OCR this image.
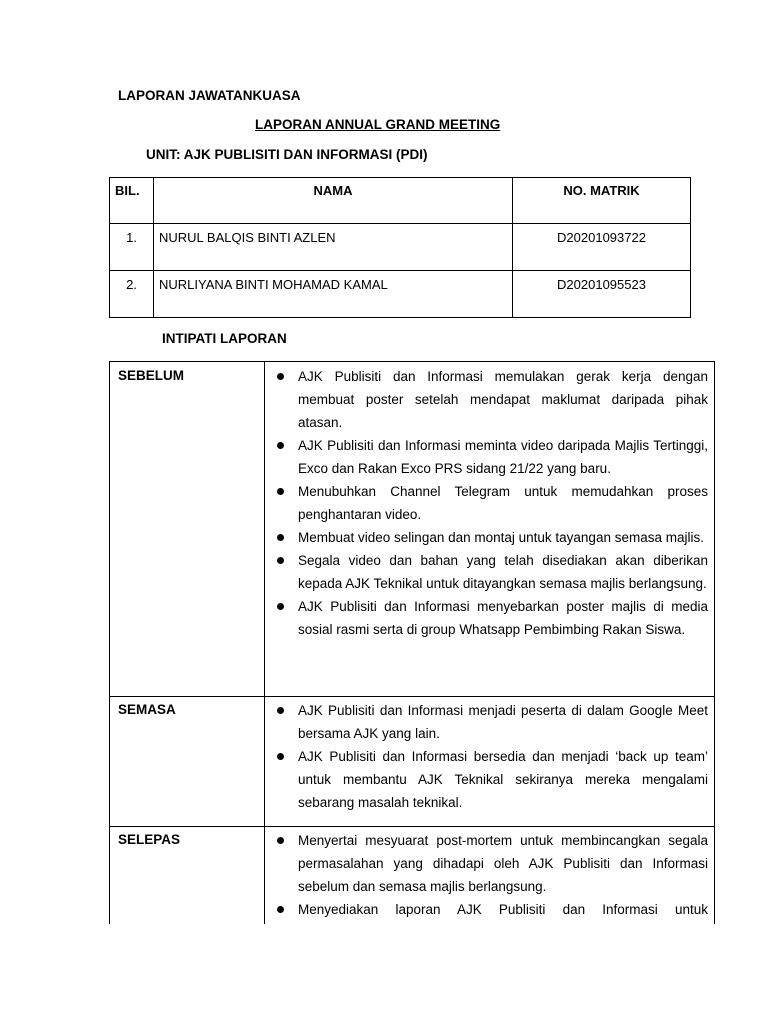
LAPORAN JAWATANKUASA
LAPORAN ANNUAL GRAND MEETING
UNIT: AJK PUBLISITI DAN INFORMASI (PDI)
BIL.	NAMA	NO. MATRIK
1.	NURUL BALQIS BINTI AZLEN	D20201093722
2.	NURLIYANA BINTI MOHAMAD KAMAL	D20201095523
INTIPATI LAPORAN
SEBELUM	AJK Publisiti dan Informasi memulakan gerak kerja dengan membuat poster setelah mendapat maklumat daripada pihak atasan.
AJK Publisiti dan Informasi meminta video daripada Majlis Tertinggi, Exco dan Rakan Exco PRS sidang 21/22 yang baru.
Menubuhkan Channel Telegram untuk memudahkan proses penghantaran video.
Membuat video selingan dan montaj untuk tayangan semasa majlis.
Segala video dan bahan yang telah disediakan akan diberikan kepada AJK Teknikal untuk ditayangkan semasa majlis berlangsung.
AJK Publisiti dan Informasi menyebarkan poster majlis di media sosial rasmi serta di group Whatsapp Pembimbing Rakan Siswa.
SEMASA	AJK Publisiti dan Informasi menjadi peserta di dalam Google Meet bersama AJK yang lain.
AJK Publisiti dan Informasi bersedia dan menjadi ‘back up team’ untuk membantu AJK Teknikal sekiranya mereka mengalami sebarang masalah teknikal.
SELEPAS	Menyertai mesyuarat post-mortem untuk membincangkan segala permasalahan yang dihadapi oleh AJK Publisiti dan Informasi sebelum dan semasa majlis berlangsung.
Menyediakan laporan AJK Publisiti dan Informasi untuk
